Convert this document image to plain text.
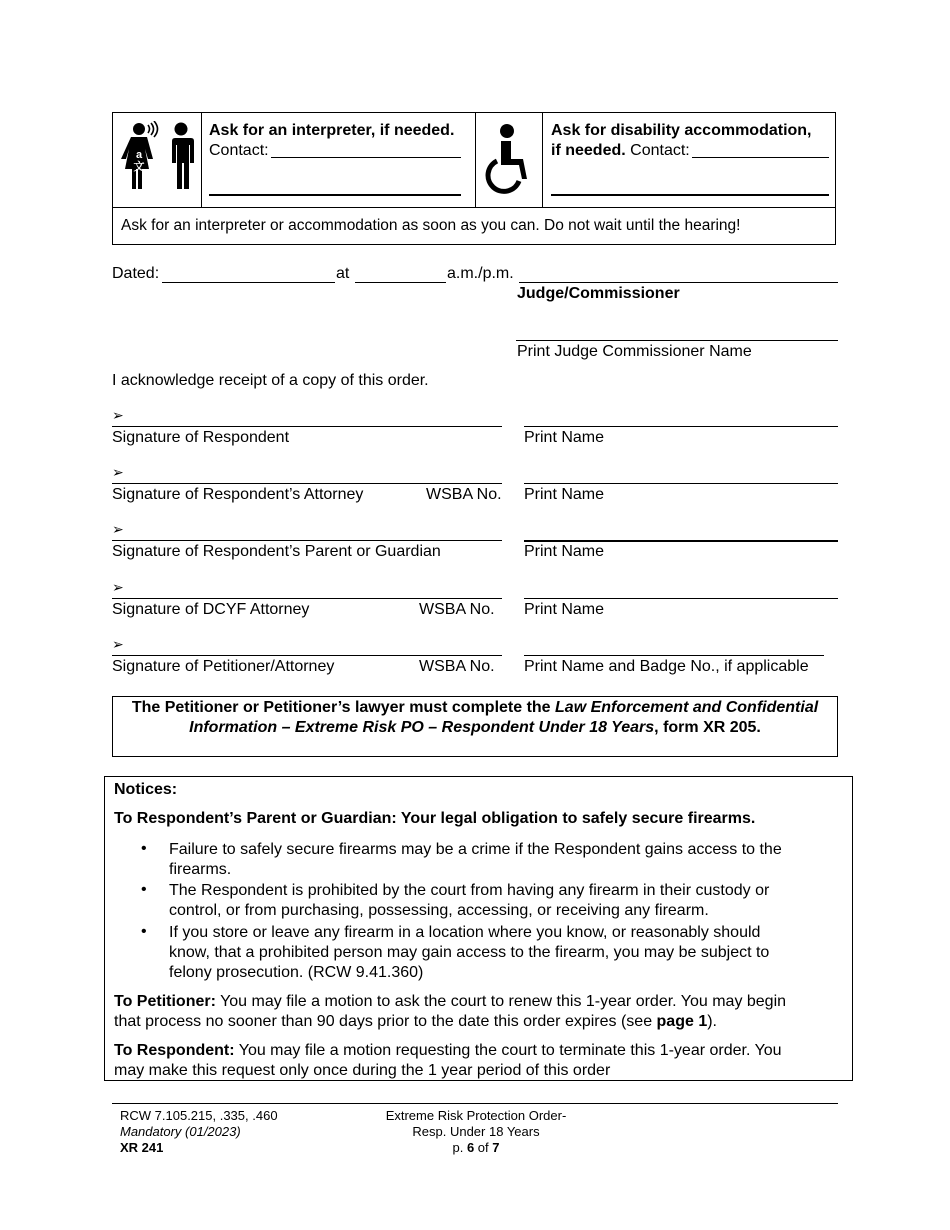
a
文
Ask for an interpreter, if needed.
Contact:
Ask for disability accommodation,
if needed. Contact:
Ask for an interpreter or accommodation as soon as you can. Do not wait until the hearing!
Dated:	at	a.m./p.m.
Judge/Commissioner
Print Judge Commissioner Name
I acknowledge receipt of a copy of this order.
➢
Signature of Respondent	Print Name
➢
Signature of Respondent’s Attorney	WSBA No. Print Name
➢
Signature of Respondent’s Parent or Guardian	Print Name
➢
Signature of DCYF Attorney	WSBA No. Print Name
➢
Signature of Petitioner/Attorney	WSBA No. Print Name and Badge No., if applicable
The Petitioner or Petitioner’s lawyer must complete the Law Enforcement and Confidential Information – Extreme Risk PO – Respondent Under 18 Years, form XR 205.
Notices:
To Respondent’s Parent or Guardian: Your legal obligation to safely secure firearms.
• Failure to safely secure firearms may be a crime if the Respondent gains access to the
firearms.
• The Respondent is prohibited by the court from having any firearm in their custody or
control, or from purchasing, possessing, accessing, or receiving any firearm.
• If you store or leave any firearm in a location where you know, or reasonably should
know, that a prohibited person may gain access to the firearm, you may be subject to
felony prosecution. (RCW 9.41.360)
To Petitioner: You may file a motion to ask the court to renew this 1-year order. You may begin
that process no sooner than 90 days prior to the date this order expires (see page 1).
To Respondent: You may file a motion requesting the court to terminate this 1-year order. You
may make this request only once during the 1 year period of this order
RCW 7.105.215, .335, .460
Mandatory (01/2023)
XR 241
Extreme Risk Protection Order-
Resp. Under 18 Years
p. 6 of 7
